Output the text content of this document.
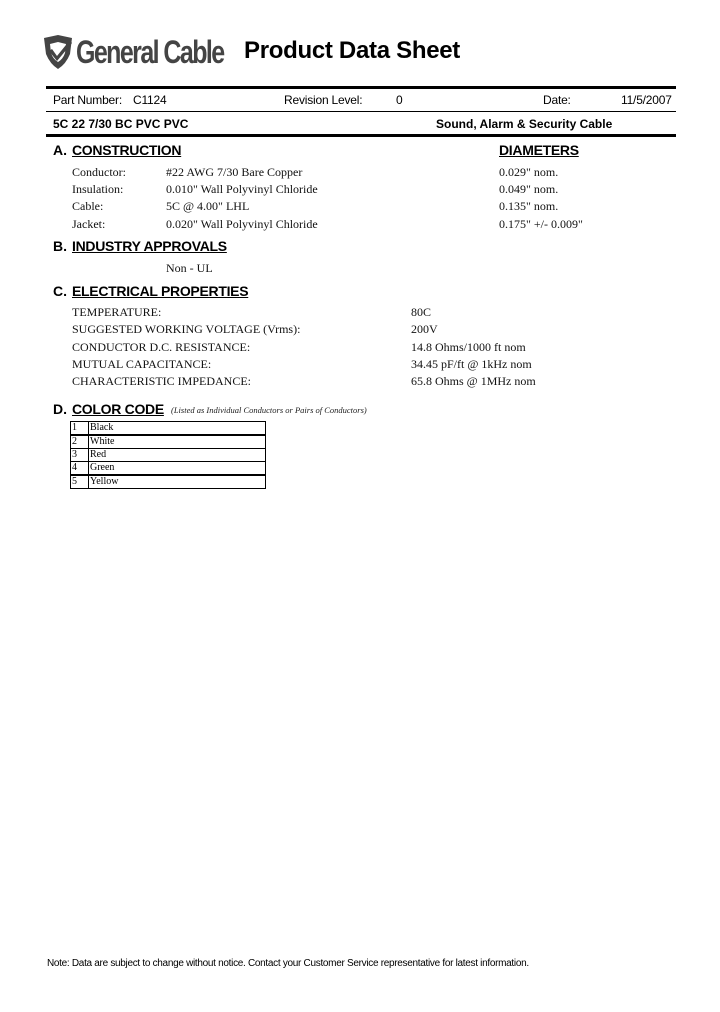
General Cable Product Data Sheet
Part Number: C1124	Revision Level:	0	Date:	11/5/2007
5C 22 7/30 BC PVC PVC	Sound, Alarm & Security Cable
A. CONSTRUCTION	DIAMETERS
Conductor:	#22 AWG 7/30 Bare Copper	0.029" nom.
Insulation:	0.010" Wall Polyvinyl Chloride	0.049" nom.
Cable:	5C @ 4.00" LHL	0.135" nom.
Jacket:	0.020" Wall Polyvinyl Chloride	0.175" +/- 0.009"
B. INDUSTRY APPROVALS
Non - UL
C. ELECTRICAL PROPERTIES
TEMPERATURE:	80C
SUGGESTED WORKING VOLTAGE (Vrms):	200V
CONDUCTOR D.C. RESISTANCE:	14.8 Ohms/1000 ft nom
MUTUAL CAPACITANCE:	34.45 pF/ft @ 1kHz nom
CHARACTERISTIC IMPEDANCE:	65.8 Ohms @ 1MHz nom
D. COLOR CODE (Listed as Individual Conductors or Pairs of Conductors)
1	Black
2	White
3	Red
4	Green
5	Yellow
Note: Data are subject to change without notice. Contact your Customer Service representative for latest information.
